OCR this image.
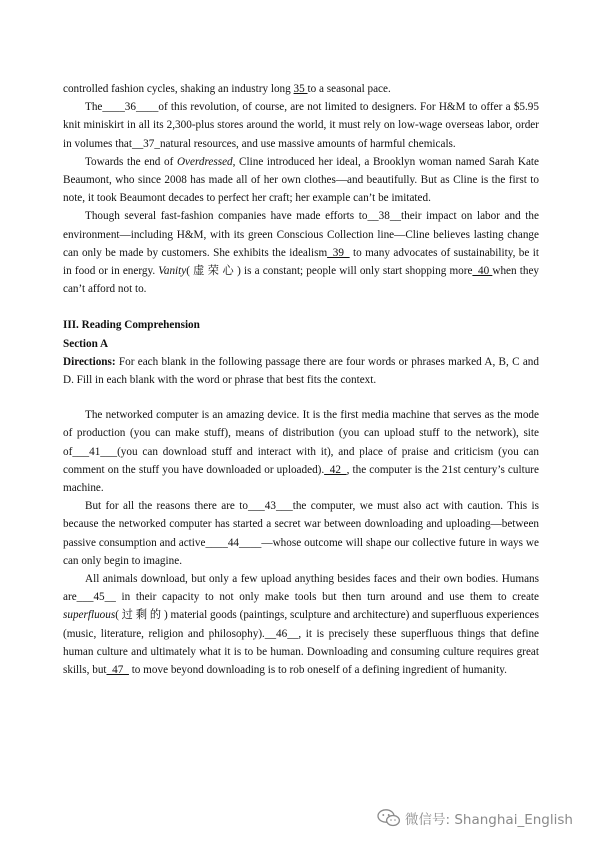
controlled fashion cycles, shaking an industry long 35 to a seasonal pace.

The____36____of this revolution, of course, are not limited to designers. For H&M to offer a $5.95 knit miniskirt in all its 2,300-plus stores around the world, it must rely on low-wage overseas labor, order in volumes that__37_natural resources, and use massive amounts of harmful chemicals.

Towards the end of Overdressed, Cline introduced her ideal, a Brooklyn woman named Sarah Kate Beaumont, who since 2008 has made all of her own clothes—and beautifully. But as Cline is the first to note, it took Beaumont decades to perfect her craft; her example can’t be imitated.

Though several fast-fashion companies have made efforts to__38__their impact on labor and the environment—including H&M, with its green Conscious Collection line—Cline believes lasting change can only be made by customers. She exhibits the idealism_39_ to many advocates of sustainability, be it in food or in energy. Vanity( 虚 荣 心 ) is a constant; people will only start shopping more_40 when they can’t afford not to.

III. Reading Comprehension

Section A

Directions: For each blank in the following passage there are four words or phrases marked A, B, C and D. Fill in each blank with the word or phrase that best fits the context.

The networked computer is an amazing device. It is the first media machine that serves as the mode of production (you can make stuff), means of distribution (you can upload stuff to the network), site of___41___(you can download stuff and interact with it), and place of praise and criticism (you can comment on the stuff you have downloaded or uploaded)._42_, the computer is the 21st century’s culture machine.

But for all the reasons there are to___43___the computer, we must also act with caution. This is because the networked computer has started a secret war between downloading and uploading—between passive consumption and active____44____—whose outcome will shape our collective future in ways we can only begin to imagine.

All animals download, but only a few upload anything besides faces and their own bodies. Humans are___45__ in their capacity to not only make tools but then turn around and use them to create superfluous( 过 剩 的 ) material goods (paintings, sculpture and architecture) and superfluous experiences (music, literature, religion and philosophy).__46__, it is precisely these superfluous things that define human culture and ultimately what it is to be human. Downloading and consuming culture requires great skills, but_47_ to move beyond downloading is to rob oneself of a defining ingredient of humanity.

微信号: Shanghai_English
